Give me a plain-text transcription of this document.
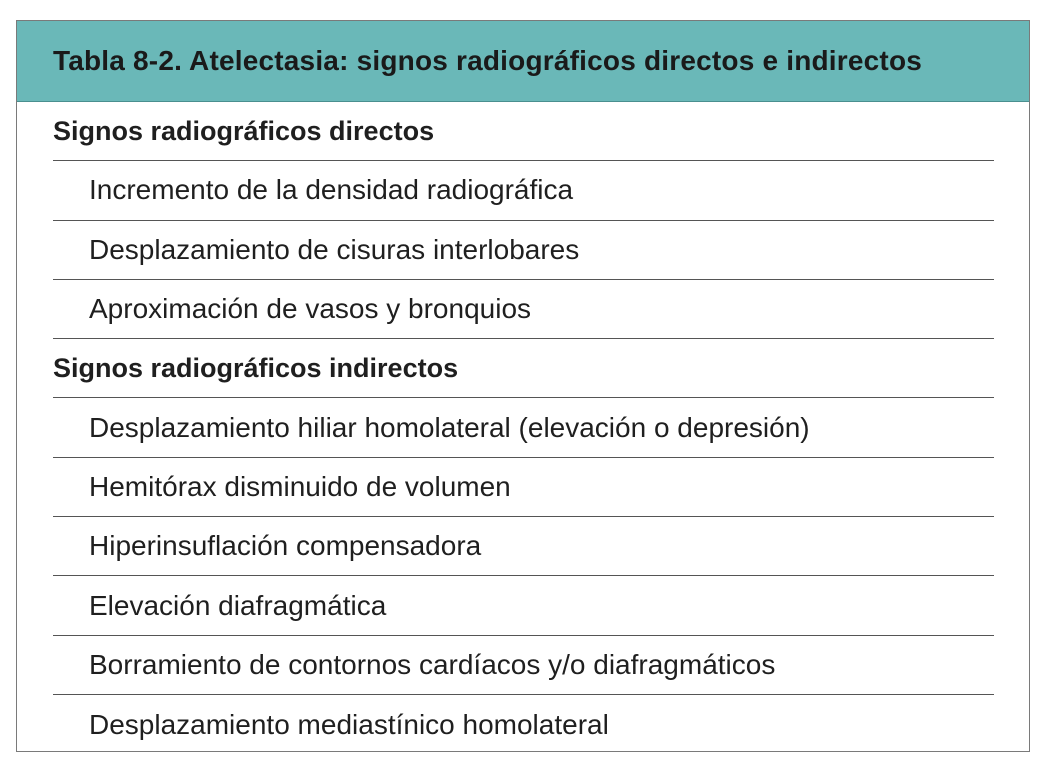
Tabla 8-2. Atelectasia: signos radiográficos directos e indirectos
Signos radiográficos directos
Incremento de la densidad radiográfica
Desplazamiento de cisuras interlobares
Aproximación de vasos y bronquios
Signos radiográficos indirectos
Desplazamiento hiliar homolateral (elevación o depresión)
Hemitórax disminuido de volumen
Hiperinsuflación compensadora
Elevación diafragmática
Borramiento de contornos cardíacos y/o diafragmáticos
Desplazamiento mediastínico homolateral
